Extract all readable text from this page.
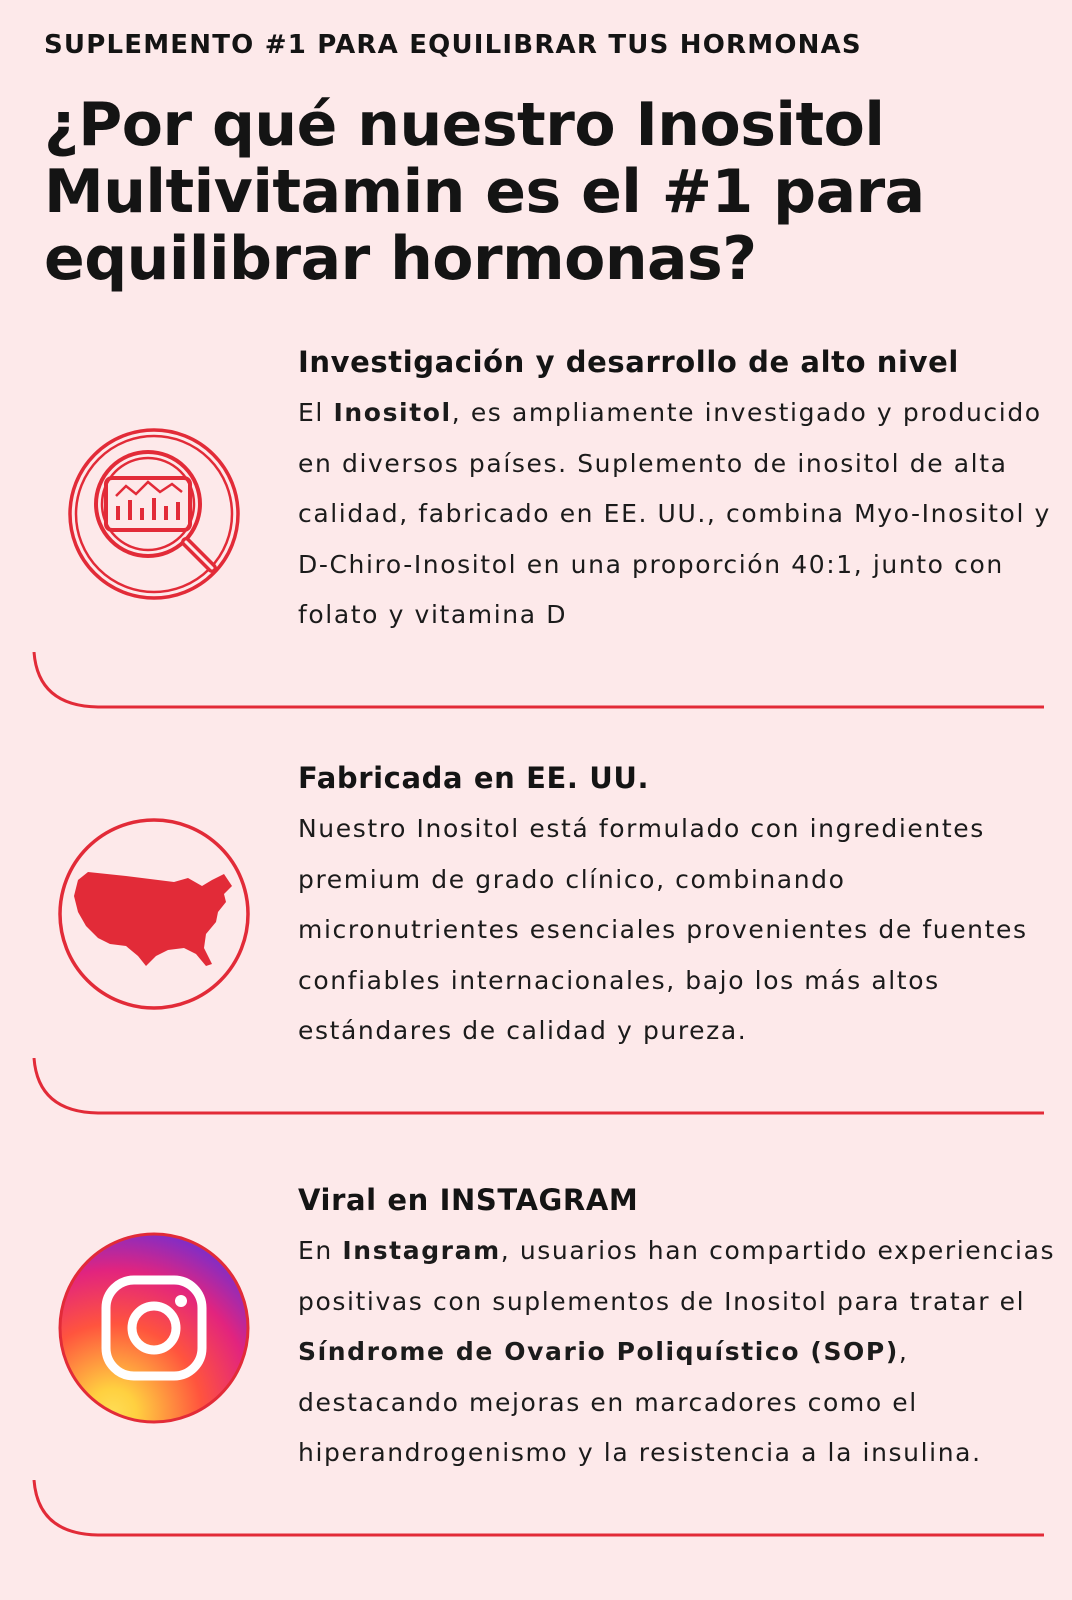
SUPLEMENTO #1 PARA EQUILIBRAR TUS HORMONAS
¿Por qué nuestro Inositol Multivitamin es el #1 para equilibrar hormonas?
Investigación y desarrollo de alto nivel
El Inositol, es ampliamente investigado y producido en diversos países. Suplemento de inositol de alta calidad, fabricado en EE. UU., combina Myo-Inositol y D-Chiro-Inositol en una proporción 40:1, junto con folato y vitamina D
Fabricada en EE. UU.
Nuestro Inositol está formulado con ingredientes premium de grado clínico, combinando micronutrientes esenciales provenientes de fuentes confiables internacionales, bajo los más altos estándares de calidad y pureza.
Viral en INSTAGRAM
En Instagram, usuarios han compartido experiencias positivas con suplementos de Inositol para tratar el Síndrome de Ovario Poliquístico (SOP), destacando mejoras en marcadores como el hiperandrogenismo y la resistencia a la insulina.
